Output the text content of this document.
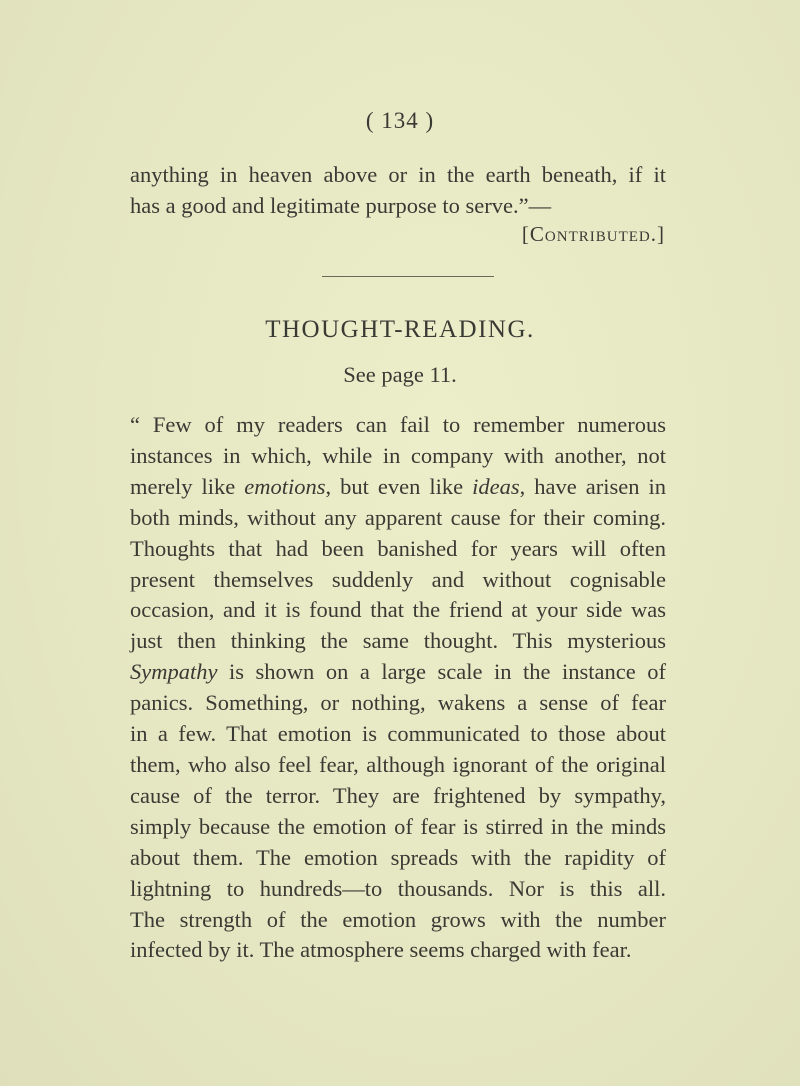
( 134 )
anything in heaven above or in the earth beneath, if it
has a good and legitimate purpose to serve.”—
[Contributed.]
THOUGHT-READING.
See page 11.
“ Few of my readers can fail to remember numerous
instances in which, while in company with another, not
merely like emotions, but even like ideas, have arisen in
both minds, without any apparent cause for their coming.
Thoughts that had been banished for years will often
present themselves suddenly and without cognisable
occasion, and it is found that the friend at your side was
just then thinking the same thought. This mysterious
Sympathy is shown on a large scale in the instance of
panics. Something, or nothing, wakens a sense of fear
in a few. That emotion is communicated to those about
them, who also feel fear, although ignorant of the original
cause of the terror. They are frightened by sympathy,
simply because the emotion of fear is stirred in the minds
about them. The emotion spreads with the rapidity of
lightning to hundreds—to thousands. Nor is this all.
The strength of the emotion grows with the number
infected by it. The atmosphere seems charged with fear.
